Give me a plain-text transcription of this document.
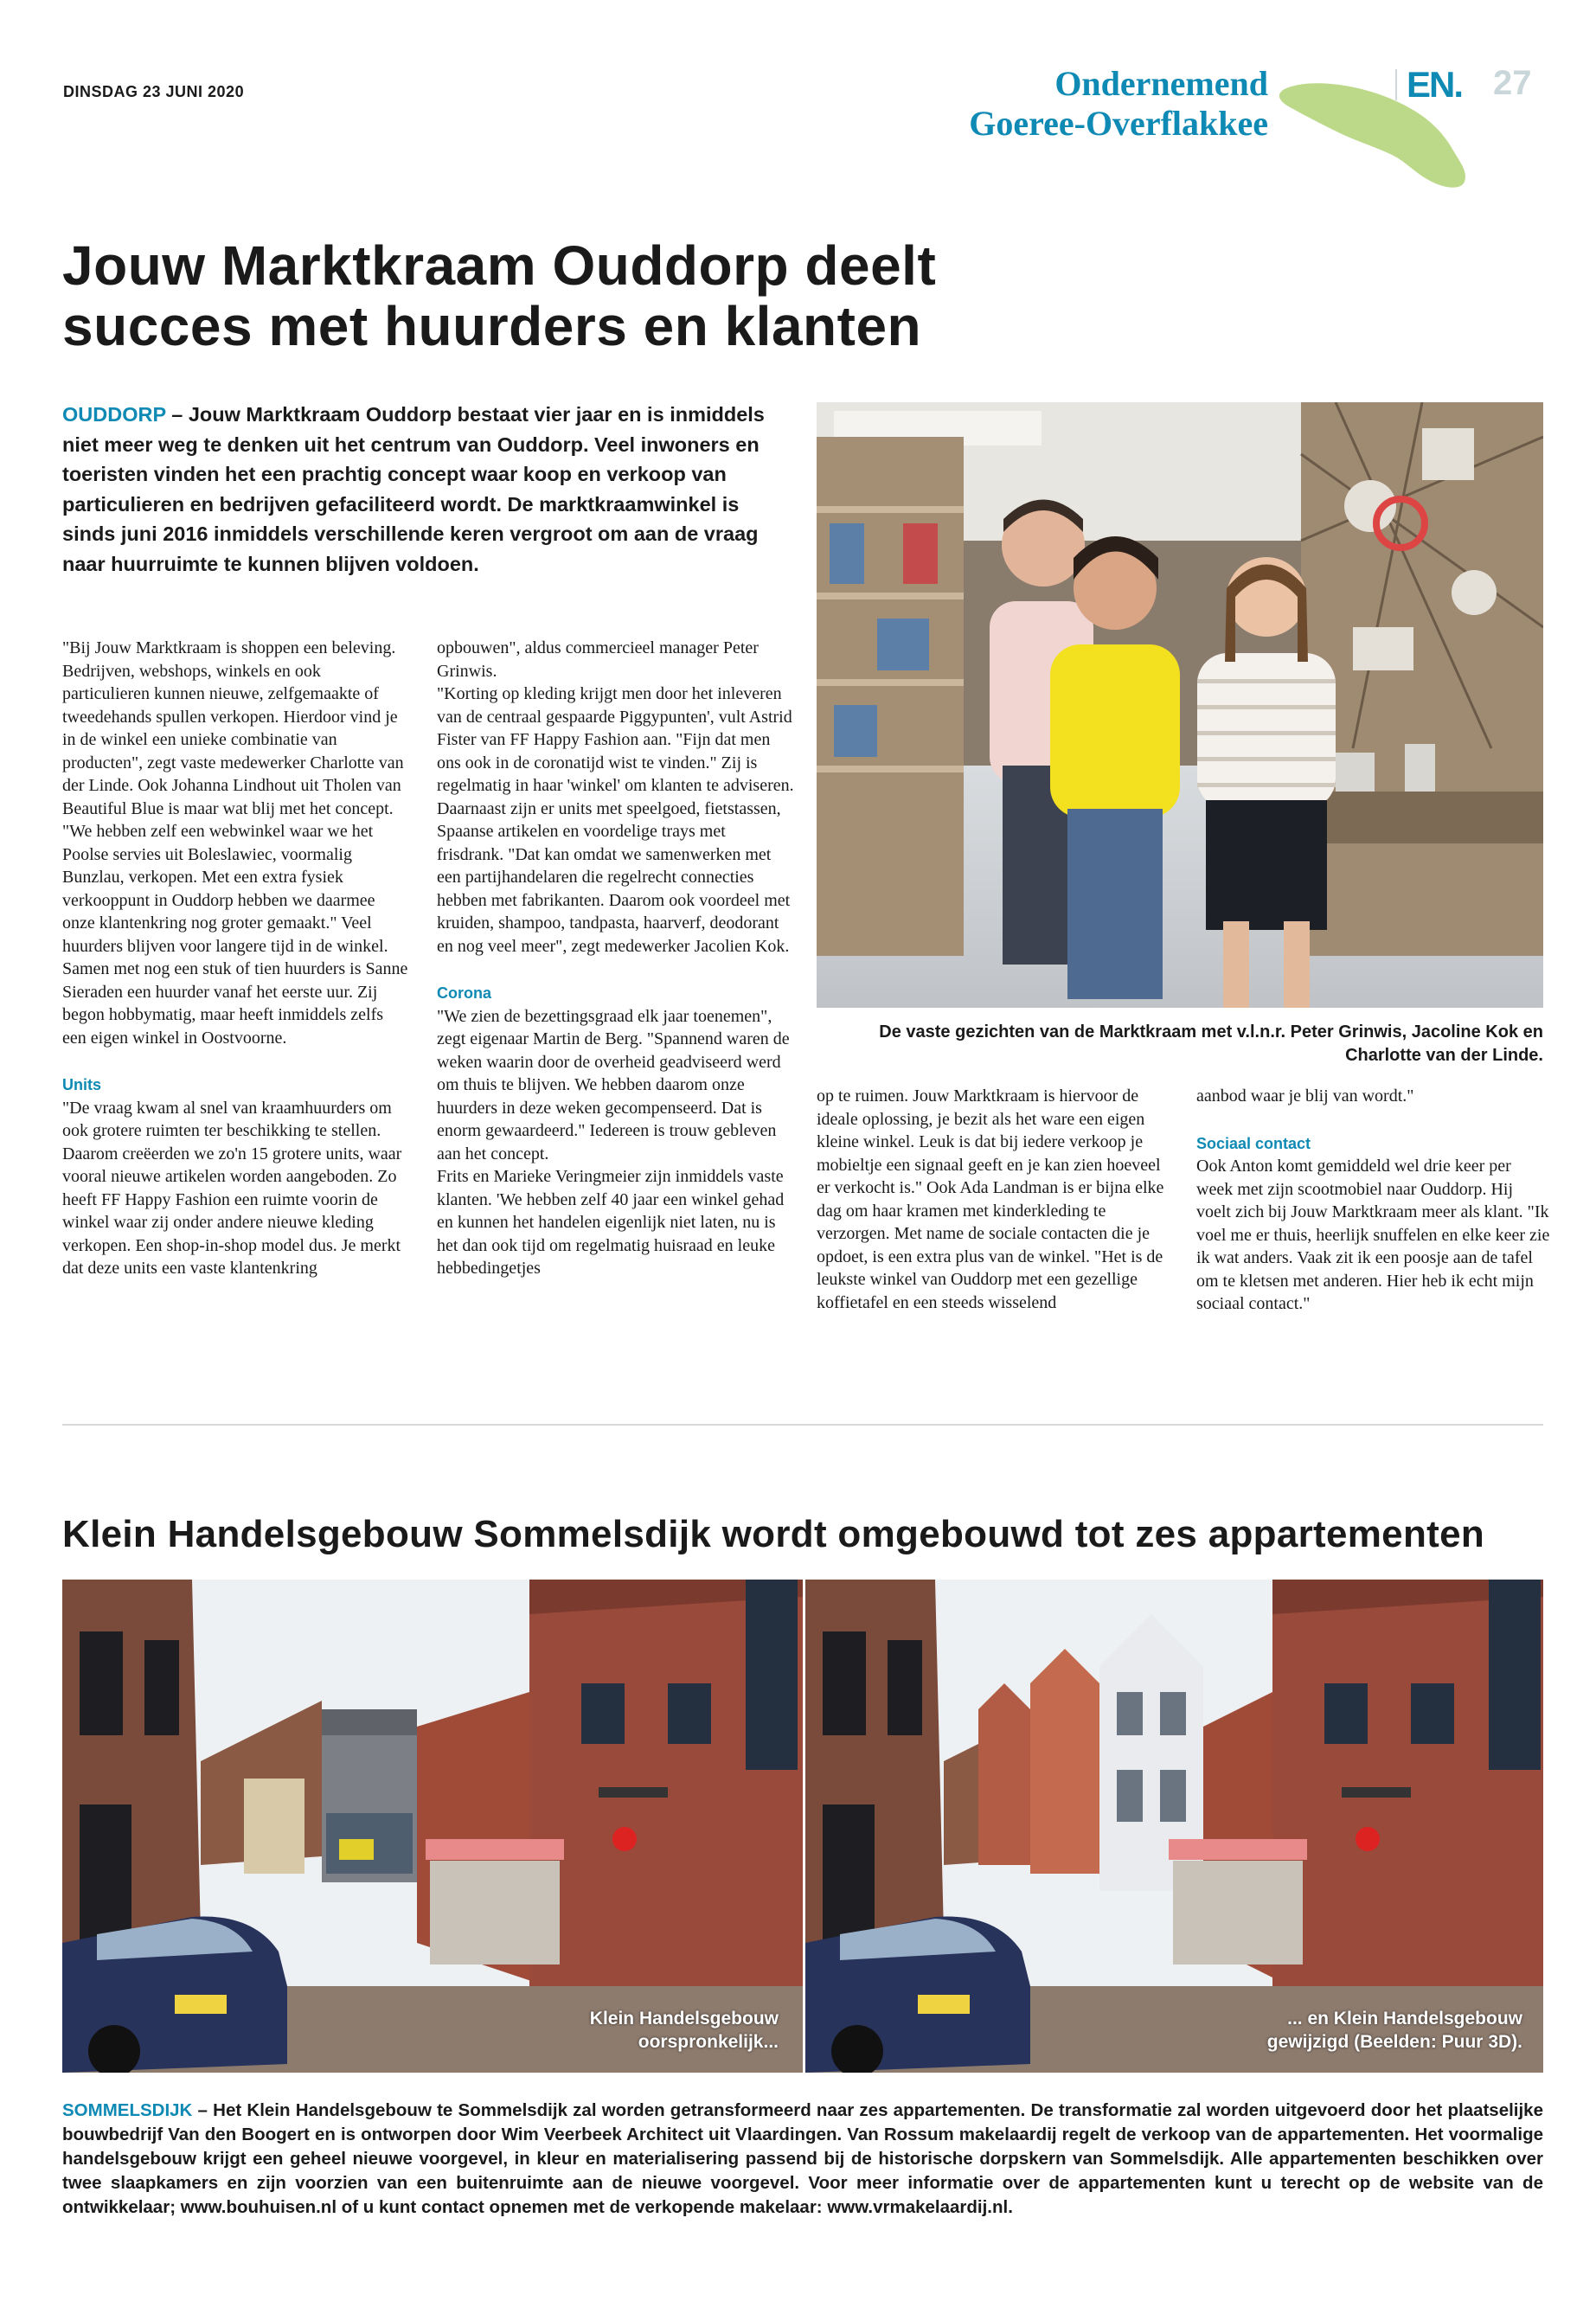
DINSDAG 23 JUNI 2020	Ondernemend
Goeree-Overflakkee
EN. 27
Jouw Marktkraam Ouddorp deelt
succes met huurders en klanten
OUDDORP – Jouw Marktkraam Ouddorp bestaat vier jaar en is inmiddels niet meer weg te denken uit het centrum van Ouddorp. Veel inwoners en toeristen vinden het een prachtig concept waar koop en verkoop van particulieren en bedrijven gefaciliteerd wordt. De marktkraamwinkel is sinds juni 2016 inmiddels verschillende keren vergroot om aan de vraag naar huurruimte te kunnen blijven voldoen.

"Bij Jouw Marktkraam is shoppen een beleving. Bedrijven, webshops, winkels en ook particulieren kunnen nieuwe, zelfgemaakte of tweedehands spullen verkopen. Hierdoor vind je in de winkel een unieke combinatie van producten", zegt vaste medewerker Charlotte van der Linde. Ook Johanna Lindhout uit Tholen van Beautiful Blue is maar wat blij met het concept. "We hebben zelf een webwinkel waar we het Poolse servies uit Boleslawiec, voormalig Bunzlau, verkopen. Met een extra fysiek verkooppunt in Ouddorp hebben we daarmee onze klantenkring nog groter gemaakt." Veel huurders blijven voor langere tijd in de winkel. Samen met nog een stuk of tien huurders is Sanne Sieraden een huurder vanaf het eerste uur. Zij begon hobbymatig, maar heeft inmiddels zelfs een eigen winkel in Oostvoorne.

Units

"De vraag kwam al snel van kraamhuurders om ook grotere ruimten ter beschikking te stellen. Daarom creëerden we zo'n 15 grotere units, waar vooral nieuwe artikelen worden aangeboden. Zo heeft FF Happy Fashion een ruimte voorin de winkel waar zij onder andere nieuwe kleding verkopen. Een shop-in-shop model dus. Je merkt dat deze units een vaste klantenkring

opbouwen", aldus commercieel manager Peter Grinwis.

"Korting op kleding krijgt men door het inleveren van de centraal gespaarde Piggypunten', vult Astrid Fister van FF Happy Fashion aan. "Fijn dat men ons ook in de coronatijd wist te vinden." Zij is regelmatig in haar 'winkel' om klanten te adviseren. Daarnaast zijn er units met speelgoed, fietstassen, Spaanse artikelen en voordelige trays met frisdrank. "Dat kan omdat we samenwerken met een partijhandelaren die regelrecht connecties hebben met fabrikanten. Daarom ook voordeel met kruiden, shampoo, tandpasta, haarverf, deodorant en nog veel meer", zegt medewerker Jacolien Kok.

Corona

"We zien de bezettingsgraad elk jaar toenemen", zegt eigenaar Martin de Berg. "Spannend waren de weken waarin door de overheid geadviseerd werd om thuis te blijven. We hebben daarom onze huurders in deze weken gecompenseerd. Dat is enorm gewaardeerd." Iedereen is trouw gebleven aan het concept.

Frits en Marieke Veringmeier zijn inmiddels vaste klanten. 'We hebben zelf 40 jaar een winkel gehad en kunnen het handelen eigenlijk niet laten, nu is het dan ook tijd om regelmatig huisraad en leuke hebbedingetjes

De vaste gezichten van de Marktkraam met v.l.n.r. Peter Grinwis, Jacoline Kok en Charlotte van der Linde.

op te ruimen. Jouw Marktkraam is hiervoor de ideale oplossing, je bezit als het ware een eigen kleine winkel. Leuk is dat bij iedere verkoop je mobieltje een signaal geeft en je kan zien hoeveel er verkocht is." Ook Ada Landman is er bijna elke dag om haar kramen met kinderkleding te verzorgen. Met name de sociale contacten die je opdoet, is een extra plus van de winkel. "Het is de leukste winkel van Ouddorp met een gezellige koffietafel en een steeds wisselend

aanbod waar je blij van wordt."

Sociaal contact

Ook Anton komt gemiddeld wel drie keer per week met zijn scootmobiel naar Ouddorp. Hij voelt zich bij Jouw Marktkraam meer als klant. "Ik voel me er thuis, heerlijk snuffelen en elke keer zie ik wat anders. Vaak zit ik een poosje aan de tafel om te kletsen met anderen. Hier heb ik echt mijn sociaal contact."

Klein Handelsgebouw Sommelsdijk wordt omgebouwd tot zes appartementen
Klein Handelsgebouw
oorspronkelijk...
... en Klein Handelsgebouw
gewijzigd (Beelden: Puur 3D).
SOMMELSDIJK – Het Klein Handelsgebouw te Sommelsdijk zal worden getransformeerd naar zes appartementen. De transformatie zal worden uitgevoerd door het plaatselijke bouwbedrijf Van den Boogert en is ontworpen door Wim Veerbeek Architect uit Vlaardingen. Van Rossum makelaardij regelt de verkoop van de appartementen. Het voormalige handelsgebouw krijgt een geheel nieuwe voorgevel, in kleur en materialisering passend bij de historische dorpskern van Sommelsdijk. Alle appartementen beschikken over twee slaapkamers en zijn voorzien van een buitenruimte aan de nieuwe voorgevel. Voor meer informatie over de appartementen kunt u terecht op de website van de ontwikkelaar; www.bouhuisen.nl of u kunt contact opnemen met de verkopende makelaar: www.vrmakelaardij.nl.
